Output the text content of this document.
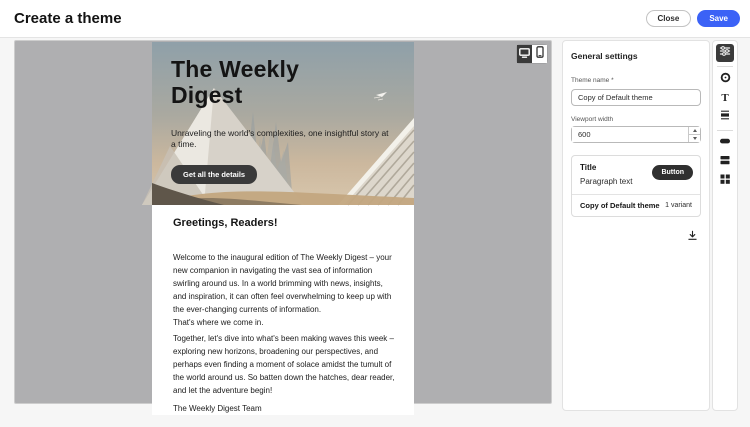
Create a theme	Close	Save
The Weekly Digest
Unraveling the world's complexities, one insightful story at a time.
Get all the details
Greetings, Readers!
Welcome to the inaugural edition of The Weekly Digest – your new companion in navigating the vast sea of information swirling around us. In a world brimming with news, insights, and inspiration, it can often feel overwhelming to keep up with the ever-changing currents of information.
That's where we come in.
Together, let's dive into what's been making waves this week – exploring new horizons, broadening our perspectives, and perhaps even finding a moment of solace amidst the tumult of the world around us. So batten down the hatches, dear reader, and let the adventure begin!
The Weekly Digest Team
General settings
Theme name *
Copy of Default theme
Viewport width
600
Title
Paragraph text
Button
Copy of Default theme 1 variant
T
